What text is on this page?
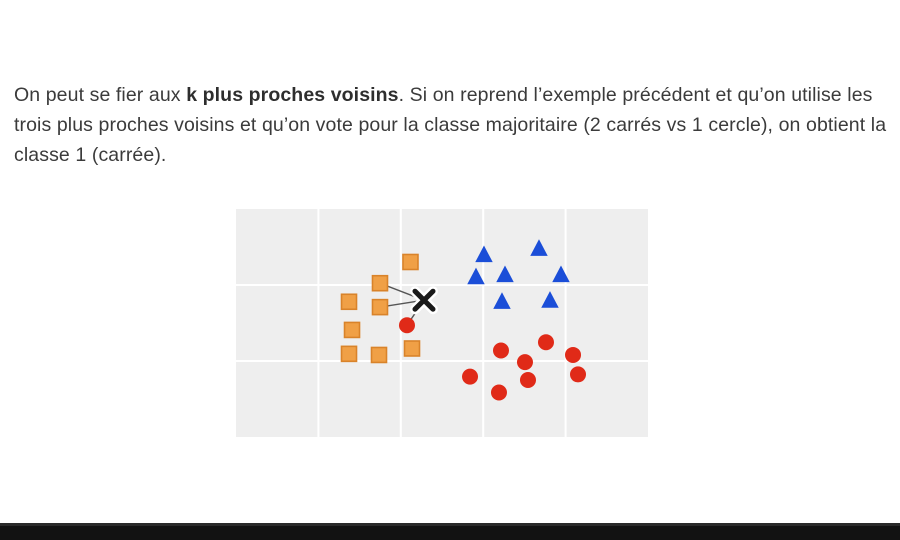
On peut se fier aux k plus proches voisins. Si on reprend l’exemple précédent et qu’on utilise les trois plus proches voisins et qu’on vote pour la classe majoritaire (2 carrés vs 1 cercle), on obtient la classe 1 (carrée).
